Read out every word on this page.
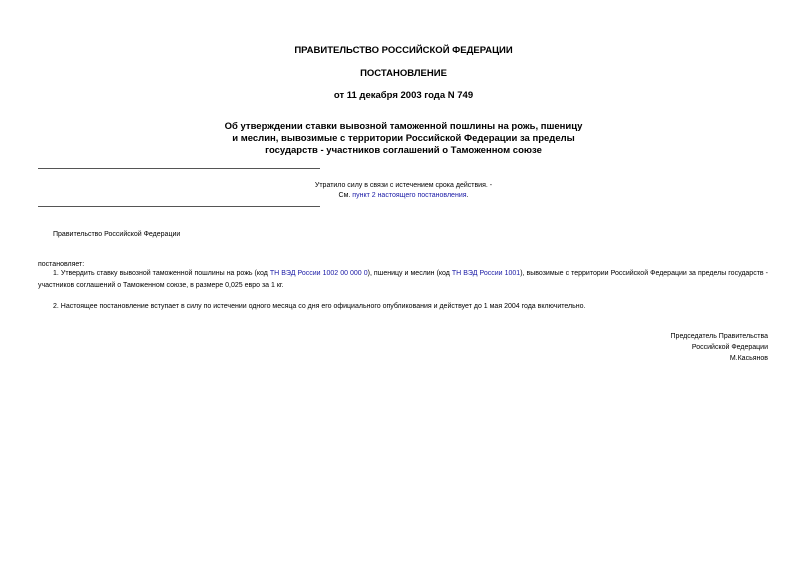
ПРАВИТЕЛЬСТВО РОССИЙСКОЙ ФЕДЕРАЦИИ
ПОСТАНОВЛЕНИЕ
от 11 декабря 2003 года N 749
Об утверждении ставки вывозной таможенной пошлины на рожь, пшеницу
и меслин, вывозимые с территории Российской Федерации за пределы
государств - участников соглашений о Таможенном союзе
Утратило силу в связи с истечением срока действия. -
См. пункт 2 настоящего постановления.
Правительство Российской Федерации
постановляет:
1. Утвердить ставку вывозной таможенной пошлины на рожь (код ТН ВЭД России 1002 00 000 0), пшеницу и меслин (код ТН ВЭД России 1001), вывозимые с территории Российской Федерации за пределы государств - участников соглашений о Таможенном союзе, в размере 0,025 евро за 1 кг.
2. Настоящее постановление вступает в силу по истечении одного месяца со дня его официального опубликования и действует до 1 мая 2004 года включительно.
Председатель Правительства
Российской Федерации
М.Касьянов
